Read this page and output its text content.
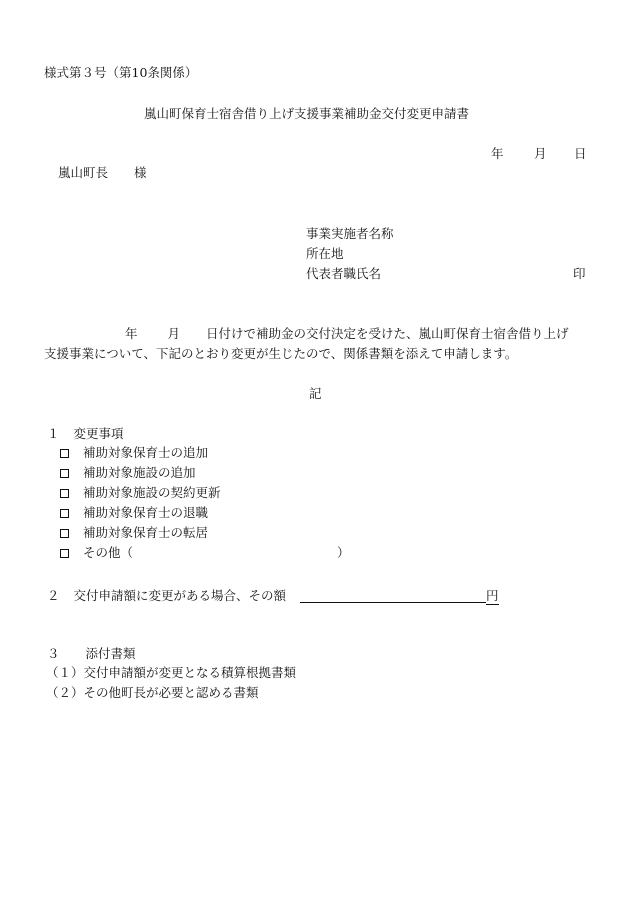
様式第３号（第10条関係）
嵐山町保育士宿舎借り上げ支援事業補助金交付変更申請書
年 月 日
嵐山町長 様
事業実施者名称
所在地
代表者職氏名	印
年 月 日付けで補助金の交付決定を受けた、嵐山町保育士宿舎借り上げ
支援事業について、下記のとおり変更が生じたので、関係書類を添えて申請します。
記
１ 変更事項
補助対象保育士の追加
補助対象施設の追加
補助対象施設の契約更新
補助対象保育士の退職
補助対象保育士の転居
その他（	）
２ 交付申請額に変更がある場合、その額	円
３ 添付書類
（１）交付申請額が変更となる積算根拠書類
（２）その他町長が必要と認める書類
